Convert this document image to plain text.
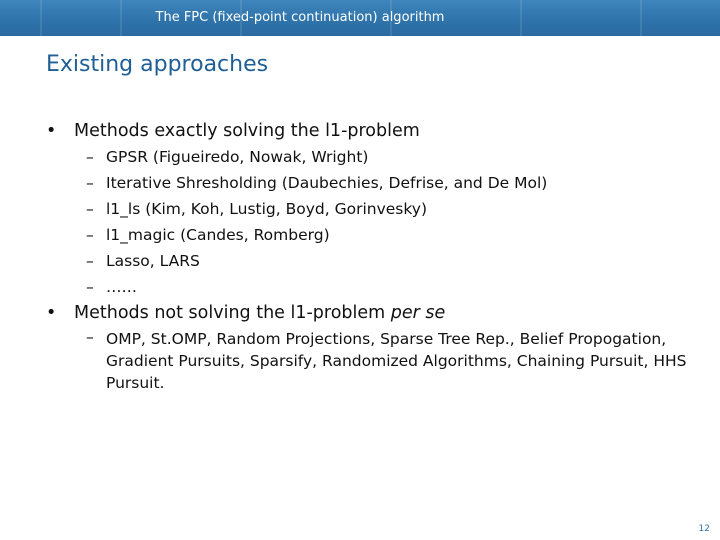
The FPC (fixed-point continuation) algorithm
Existing approaches
• Methods exactly solving the l1-problem
– GPSR (Figueiredo, Nowak, Wright)
– Iterative Shresholding (Daubechies, Defrise, and De Mol)
– l1_ls (Kim, Koh, Lustig, Boyd, Gorinvesky)
– l1_magic (Candes, Romberg)
– Lasso, LARS
– ……
• Methods not solving the l1-problem per se
– OMP, St.OMP, Random Projections, Sparse Tree Rep., Belief Propogation, Gradient Pursuits, Sparsify, Randomized Algorithms, Chaining Pursuit, HHS Pursuit.
12
